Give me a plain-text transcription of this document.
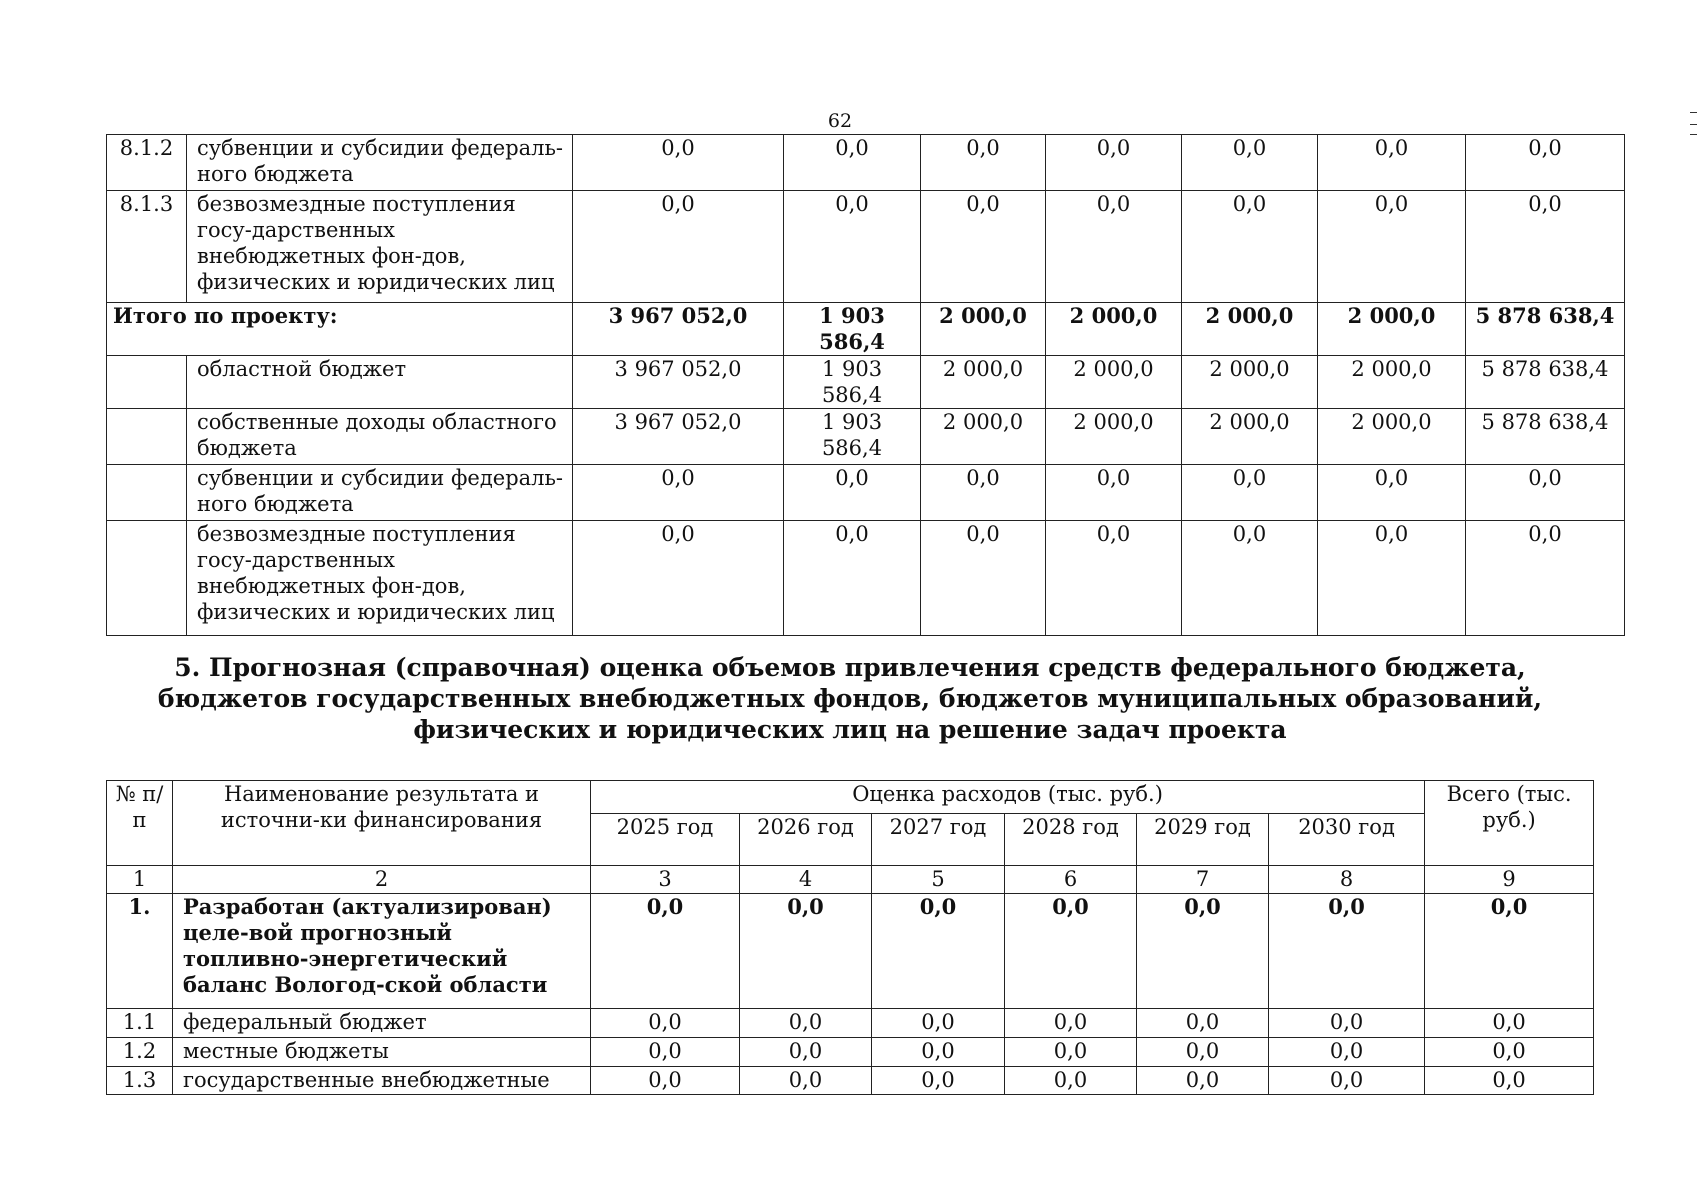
62
8.1.2	субвенции и субсидии федераль-ного бюджета	0,0	0,0	0,0	0,0	0,0	0,0	0,0
8.1.3	безвозмездные поступления госу-дарственных внебюджетных фон-дов, физических и юридических лиц	0,0	0,0	0,0	0,0	0,0	0,0	0,0
Итого по проекту:		3 967 052,0	1 903 586,4	2 000,0	2 000,0	2 000,0	2 000,0	5 878 638,4
	областной бюджет	3 967 052,0	1 903 586,4	2 000,0	2 000,0	2 000,0	2 000,0	5 878 638,4
	собственные доходы областного бюджета	3 967 052,0	1 903 586,4	2 000,0	2 000,0	2 000,0	2 000,0	5 878 638,4
	субвенции и субсидии федераль-ного бюджета	0,0	0,0	0,0	0,0	0,0	0,0	0,0
	безвозмездные поступления госу-дарственных внебюджетных фон-дов, физических и юридических лиц	0,0	0,0	0,0	0,0	0,0	0,0	0,0
5. Прогнозная (справочная) оценка объемов привлечения средств федерального бюджета,
бюджетов государственных внебюджетных фондов, бюджетов муниципальных образований,
физических и юридических лиц на решение задач проекта
№ п/п	Наименование результата и источни-ки финансирования	Оценка расходов (тыс. руб.)						Всего (тыс. руб.)
		2025 год	2026 год	2027 год	2028 год	2029 год	2030 год	
1	2	3	4	5	6	7	8	9
1.	Разработан (актуализирован) целе-вой прогнозный топливно-энергетический баланс Вологод-ской области	0,0	0,0	0,0	0,0	0,0	0,0	0,0
1.1	федеральный бюджет	0,0	0,0	0,0	0,0	0,0	0,0	0,0
1.2	местные бюджеты	0,0	0,0	0,0	0,0	0,0	0,0	0,0
1.3	государственные внебюджетные	0,0	0,0	0,0	0,0	0,0	0,0	0,0
